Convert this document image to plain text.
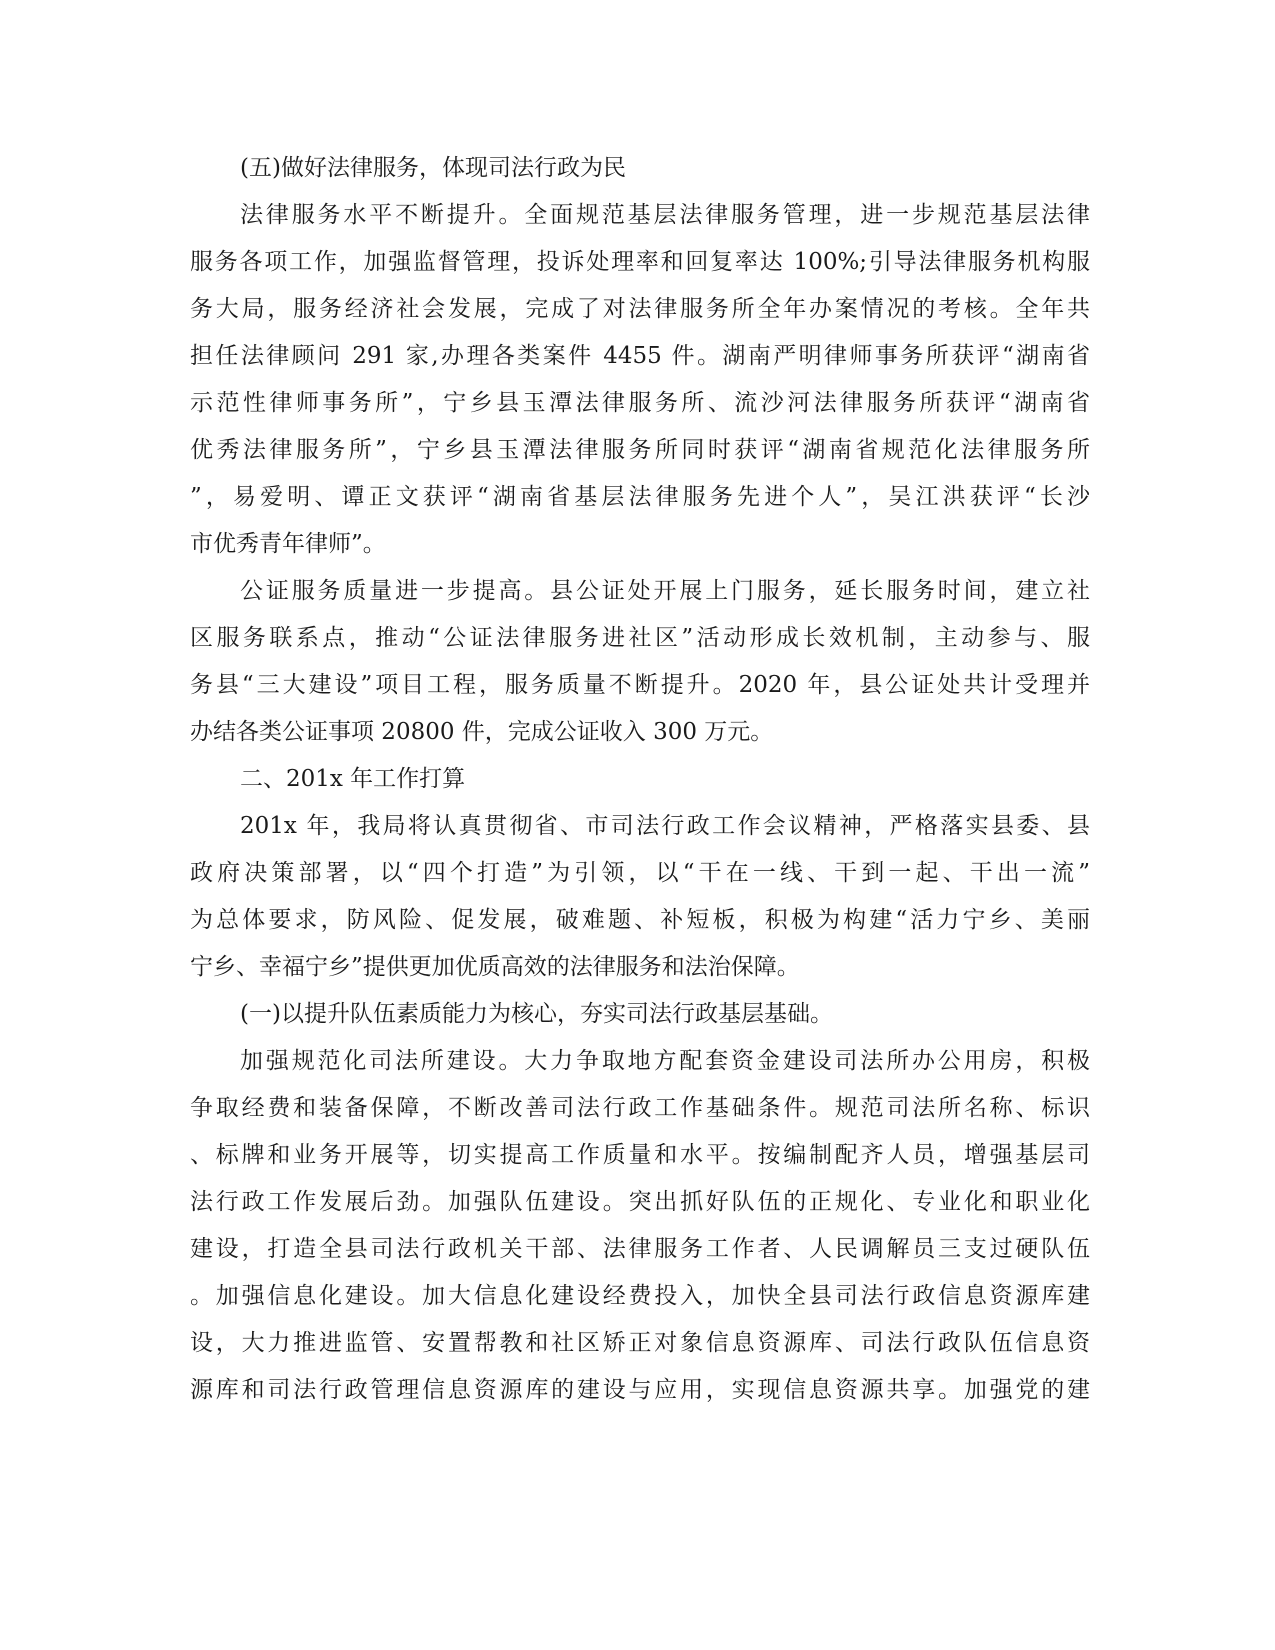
(五)做好法律服务，体现司法行政为民
法律服务水平不断提升。全面规范基层法律服务管理，进一步规范基层法律
服务各项工作，加强监督管理，投诉处理率和回复率达 100%;引导法律服务机构服
务大局，服务经济社会发展，完成了对法律服务所全年办案情况的考核。全年共
担任法律顾问 291 家,办理各类案件 4455 件。湖南严明律师事务所获评“湖南省
示范性律师事务所”，宁乡县玉潭法律服务所、流沙河法律服务所获评“湖南省
优秀法律服务所”，宁乡县玉潭法律服务所同时获评“湖南省规范化法律服务所
”，易爱明、谭正文获评“湖南省基层法律服务先进个人”，吴江洪获评“长沙
市优秀青年律师”。
公证服务质量进一步提高。县公证处开展上门服务，延长服务时间，建立社
区服务联系点，推动“公证法律服务进社区”活动形成长效机制，主动参与、服
务县“三大建设”项目工程，服务质量不断提升。2020 年，县公证处共计受理并
办结各类公证事项 20800 件，完成公证收入 300 万元。
二、201x 年工作打算
201x 年，我局将认真贯彻省、市司法行政工作会议精神，严格落实县委、县
政府决策部署，以“四个打造”为引领，以“干在一线、干到一起、干出一流”
为总体要求，防风险、促发展，破难题、补短板，积极为构建“活力宁乡、美丽
宁乡、幸福宁乡”提供更加优质高效的法律服务和法治保障。
(一)以提升队伍素质能力为核心，夯实司法行政基层基础。
加强规范化司法所建设。大力争取地方配套资金建设司法所办公用房，积极
争取经费和装备保障，不断改善司法行政工作基础条件。规范司法所名称、标识
、标牌和业务开展等，切实提高工作质量和水平。按编制配齐人员，增强基层司
法行政工作发展后劲。加强队伍建设。突出抓好队伍的正规化、专业化和职业化
建设，打造全县司法行政机关干部、法律服务工作者、人民调解员三支过硬队伍
。加强信息化建设。加大信息化建设经费投入，加快全县司法行政信息资源库建
设，大力推进监管、安置帮教和社区矫正对象信息资源库、司法行政队伍信息资
源库和司法行政管理信息资源库的建设与应用，实现信息资源共享。加强党的建
